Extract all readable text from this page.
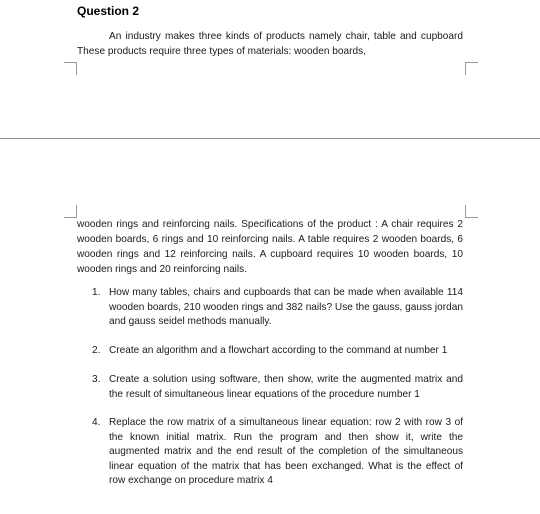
Question 2

An industry makes three kinds of products namely chair, table and cupboard These products require three types of materials: wooden boards,

wooden rings and reinforcing nails. Specifications of the product : A chair requires 2 wooden boards, 6 rings and 10 reinforcing nails. A table requires 2 wooden boards, 6 wooden rings and 12 reinforcing nails. A cupboard requires 10 wooden boards, 10 wooden rings and 20 reinforcing nails.

1. How many tables, chairs and cupboards that can be made when available 114 wooden boards, 210 wooden rings and 382 nails? Use the gauss, gauss jordan and gauss seidel methods manually.
2. Create an algorithm and a flowchart according to the command at number 1
3. Create a solution using software, then show, write the augmented matrix and the result of simultaneous linear equations of the procedure number 1
4. Replace the row matrix of a simultaneous linear equation: row 2 with row 3 of the known initial matrix. Run the program and then show it, write the augmented matrix and the end result of the completion of the simultaneous linear equation of the matrix that has been exchanged. What is the effect of row exchange on procedure matrix 4
